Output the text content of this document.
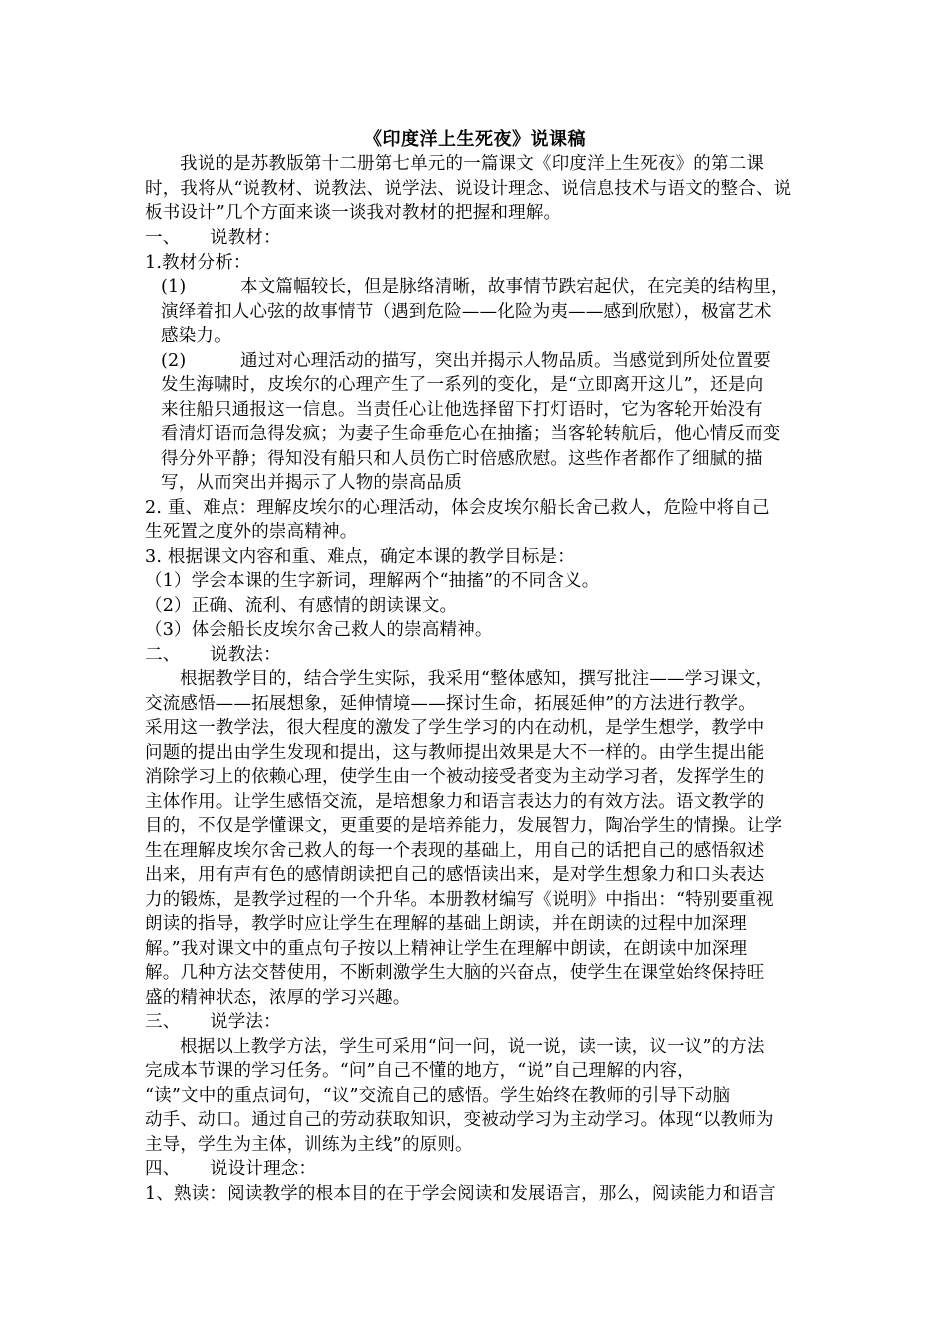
《印度洋上生死夜》说课稿
我说的是苏教版第十二册第七单元的一篇课文《印度洋上生死夜》的第二课
时，我将从“说教材、说教法、说学法、说设计理念、说信息技术与语文的整合、说
板书设计”几个方面来谈一谈我对教材的把握和理解。
一、 说教材：
1.教材分析：
(1)	本文篇幅较长，但是脉络清晰，故事情节跌宕起伏，在完美的结构里，
演绎着扣人心弦的故事情节（遇到危险——化险为夷——感到欣慰），极富艺术
感染力。
(2)	通过对心理活动的描写，突出并揭示人物品质。当感觉到所处位置要
发生海啸时，皮埃尔的心理产生了一系列的变化，是“立即离开这儿”，还是向
来往船只通报这一信息。当责任心让他选择留下打灯语时，它为客轮开始没有
看清灯语而急得发疯；为妻子生命垂危心在抽搐；当客轮转航后，他心情反而变
得分外平静；得知没有船只和人员伤亡时倍感欣慰。这些作者都作了细腻的描
写，从而突出并揭示了人物的崇高品质
2. 重、难点：理解皮埃尔的心理活动，体会皮埃尔船长舍己救人，危险中将自己
生死置之度外的崇高精神。
3. 根据课文内容和重、难点，确定本课的教学目标是：
（1）学会本课的生字新词，理解两个“抽搐”的不同含义。
（2）正确、流利、有感情的朗读课文。
（3）体会船长皮埃尔舍己救人的崇高精神。
二、 说教法：
根据教学目的，结合学生实际，我采用“整体感知，撰写批注——学习课文，
交流感悟——拓展想象，延伸情境——探讨生命，拓展延伸”的方法进行教学。
采用这一教学法，很大程度的激发了学生学习的内在动机，是学生想学，教学中
问题的提出由学生发现和提出，这与教师提出效果是大不一样的。由学生提出能
消除学习上的依赖心理，使学生由一个被动接受者变为主动学习者，发挥学生的
主体作用。让学生感悟交流，是培想象力和语言表达力的有效方法。语文教学的
目的，不仅是学懂课文，更重要的是培养能力，发展智力，陶冶学生的情操。让学
生在理解皮埃尔舍己救人的每一个表现的基础上，用自己的话把自己的感悟叙述
出来，用有声有色的感情朗读把自己的感悟读出来，是对学生想象力和口头表达
力的锻炼，是教学过程的一个升华。本册教材编写《说明》中指出：“特别要重视
朗读的指导，教学时应让学生在理解的基础上朗读，并在朗读的过程中加深理
解。”我对课文中的重点句子按以上精神让学生在理解中朗读，在朗读中加深理
解。几种方法交替使用，不断刺激学生大脑的兴奋点，使学生在课堂始终保持旺
盛的精神状态，浓厚的学习兴趣。
三、 说学法：
根据以上教学方法，学生可采用“问一问，说一说，读一读，议一议”的方法
完成本节课的学习任务。“问”自己不懂的地方，“说”自己理解的内容，
“读”文中的重点词句，“议”交流自己的感悟。学生始终在教师的引导下动脑
动手、动口。通过自己的劳动获取知识，变被动学习为主动学习。体现“以教师为
主导，学生为主体，训练为主线”的原则。
四、 说设计理念：
1、熟读：阅读教学的根本目的在于学会阅读和发展语言，那么，阅读能力和语言
